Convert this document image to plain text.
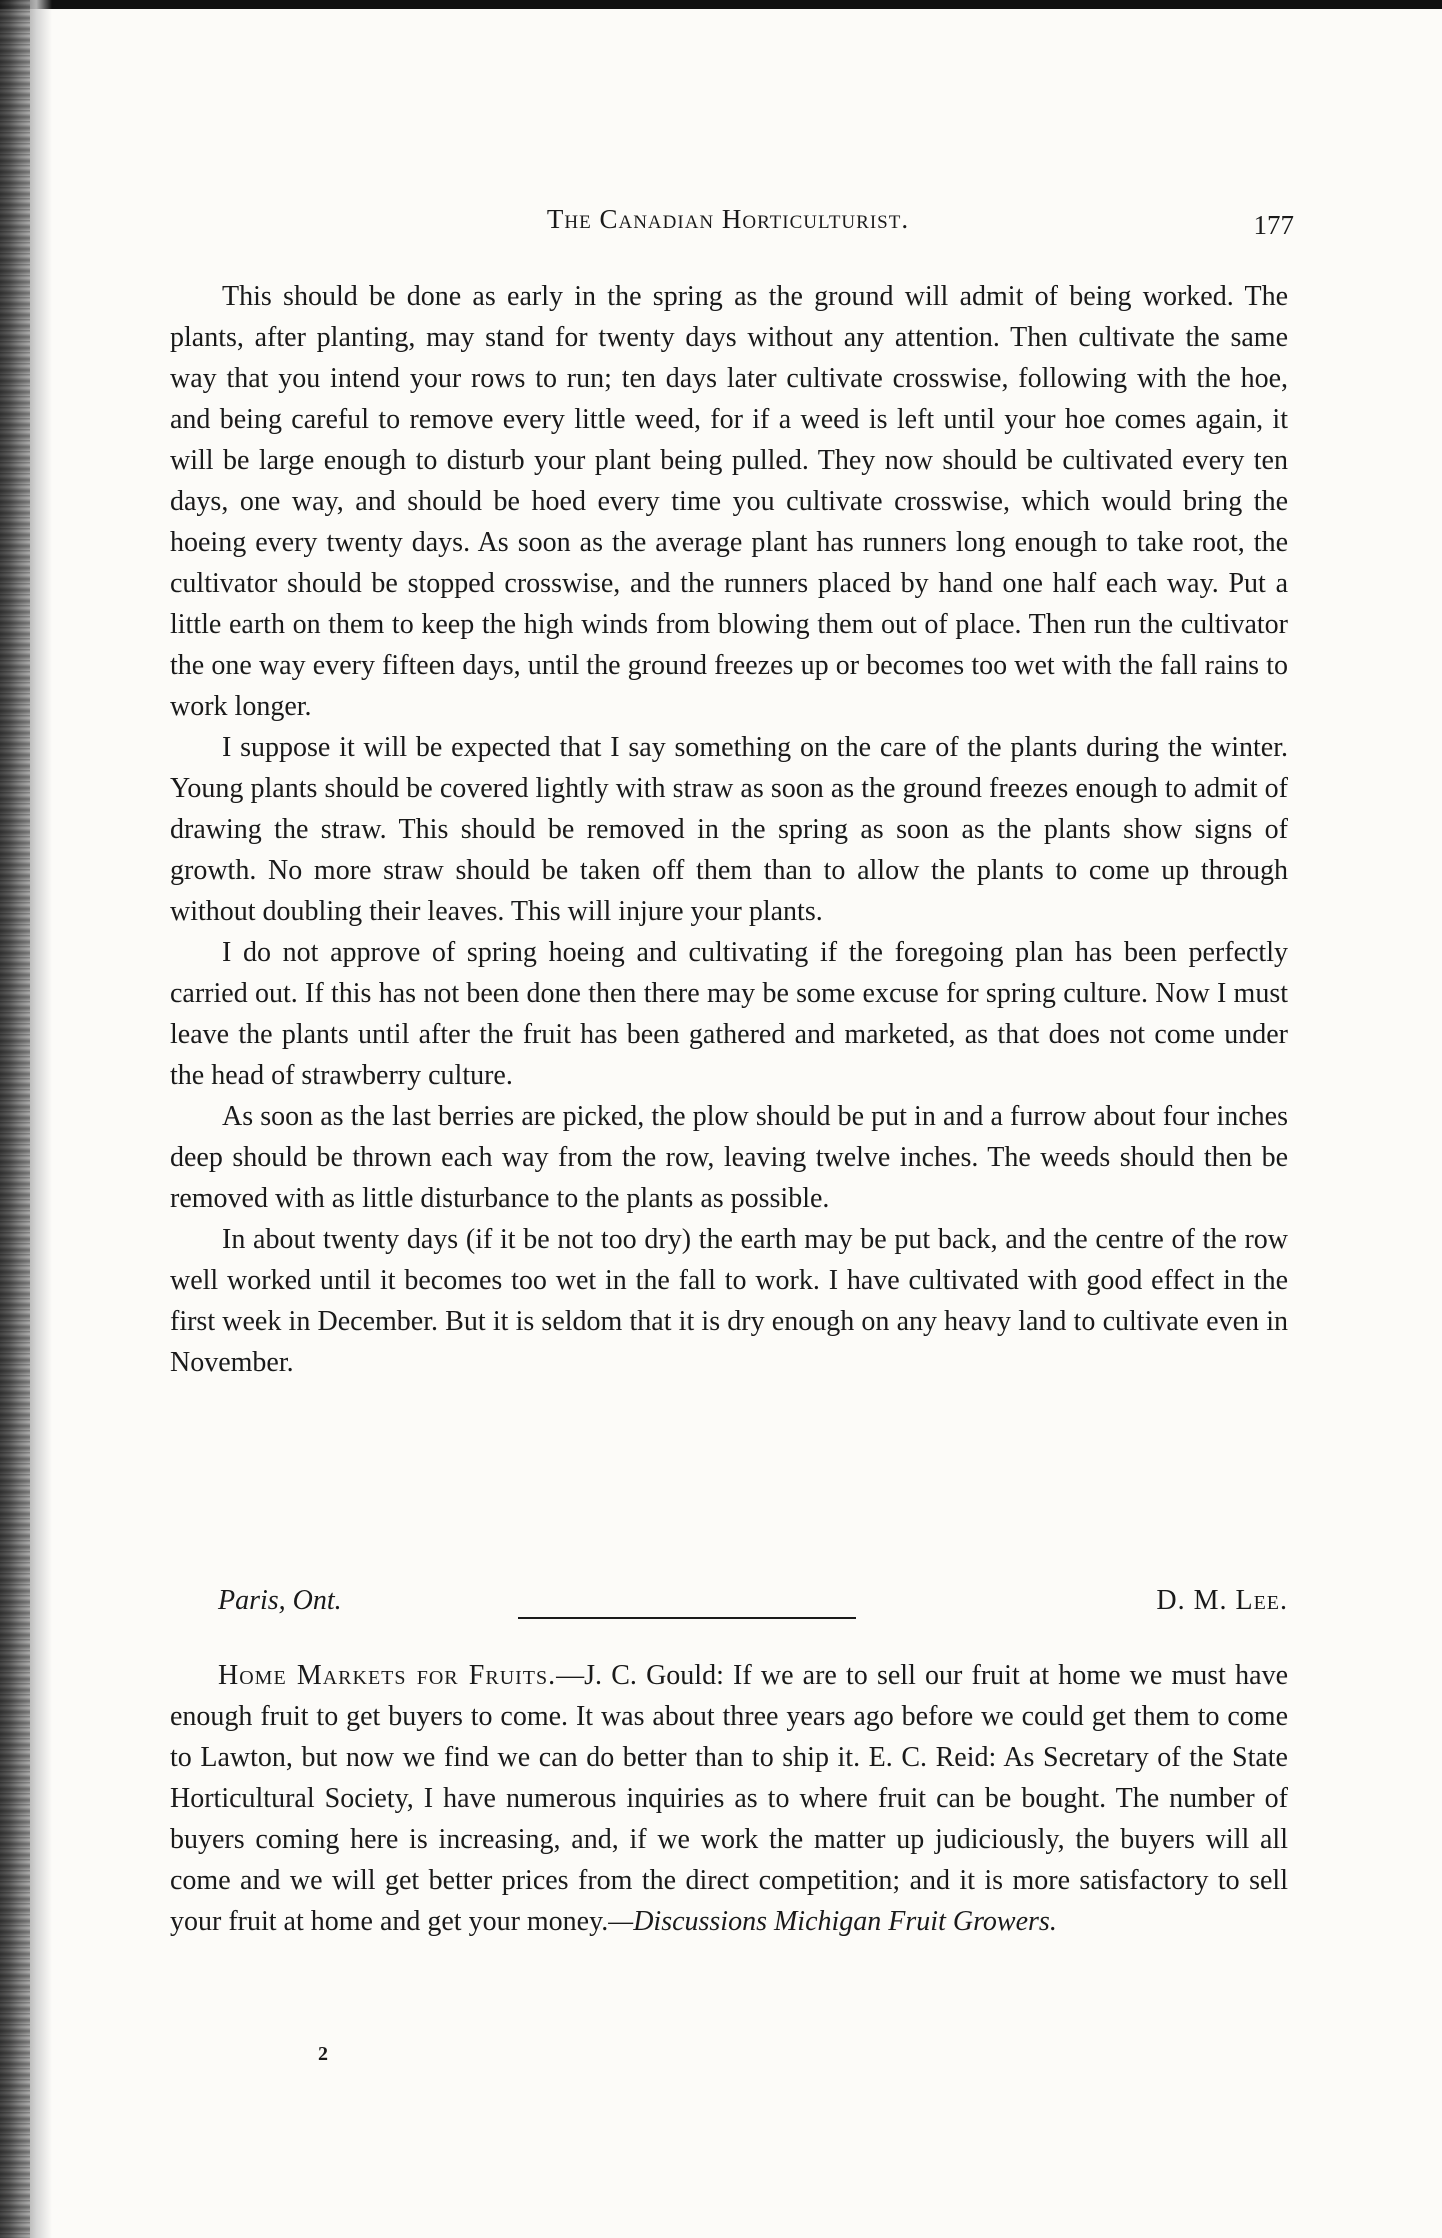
The Canadian Horticulturist.	177

This should be done as early in the spring as the ground will admit of being worked. The plants, after planting, may stand for twenty days without any attention. Then cultivate the same way that you intend your rows to run; ten days later cultivate crosswise, following with the hoe, and being careful to remove every little weed, for if a weed is left until your hoe comes again, it will be large enough to disturb your plant being pulled. They now should be cultivated every ten days, one way, and should be hoed every time you cultivate crosswise, which would bring the hoeing every twenty days. As soon as the average plant has runners long enough to take root, the cultivator should be stopped crosswise, and the runners placed by hand one half each way. Put a little earth on them to keep the high winds from blowing them out of place. Then run the cultivator the one way every fifteen days, until the ground freezes up or becomes too wet with the fall rains to work longer.

I suppose it will be expected that I say something on the care of the plants during the winter. Young plants should be covered lightly with straw as soon as the ground freezes enough to admit of drawing the straw. This should be removed in the spring as soon as the plants show signs of growth. No more straw should be taken off them than to allow the plants to come up through without doubling their leaves. This will injure your plants.

I do not approve of spring hoeing and cultivating if the foregoing plan has been perfectly carried out. If this has not been done then there may be some excuse for spring culture. Now I must leave the plants until after the fruit has been gathered and marketed, as that does not come under the head of strawberry culture.

As soon as the last berries are picked, the plow should be put in and a furrow about four inches deep should be thrown each way from the row, leaving twelve inches. The weeds should then be removed with as little disturbance to the plants as possible.

In about twenty days (if it be not too dry) the earth may be put back, and the centre of the row well worked until it becomes too wet in the fall to work. I have cultivated with good effect in the first week in December. But it is seldom that it is dry enough on any heavy land to cultivate even in November.

Paris, Ont.	D. M. Lee.
Home Markets for Fruits.—J. C. Gould: If we are to sell our fruit at home we must have enough fruit to get buyers to come. It was about three years ago before we could get them to come to Lawton, but now we find we can do better than to ship it. E. C. Reid: As Secretary of the State Horticultural Society, I have numerous inquiries as to where fruit can be bought. The number of buyers coming here is increasing, and, if we work the matter up judiciously, the buyers will all come and we will get better prices from the direct competition; and it is more satisfactory to sell your fruit at home and get your money.—Discussions Michigan Fruit Growers.
2
